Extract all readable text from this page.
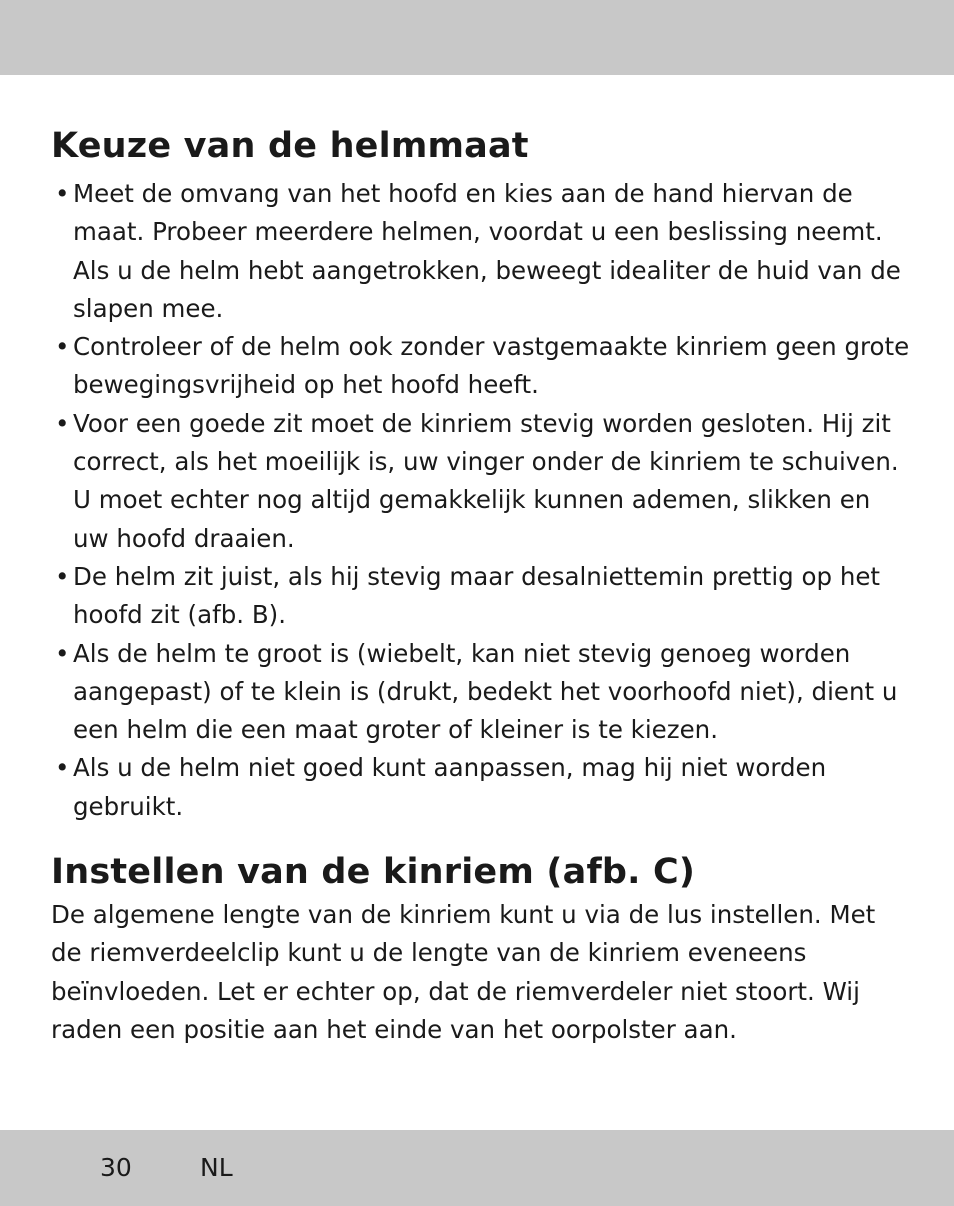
Keuze van de helmmaat
• Meet de omvang van het hoofd en kies aan de hand hiervan de maat. Probeer meerdere helmen, voordat u een beslissing neemt. Als u de helm hebt aangetrokken, beweegt idealiter de huid van de slapen mee.
• Controleer of de helm ook zonder vastgemaakte kinriem geen grote bewegingsvrijheid op het hoofd heeft.
• Voor een goede zit moet de kinriem stevig worden gesloten. Hij zit correct, als het moeilijk is, uw vinger onder de kinriem te schuiven. U moet echter nog altijd gemakkelijk kunnen ademen, slikken en uw hoofd draaien.
• De helm zit juist, als hij stevig maar desalniettemin prettig op het hoofd zit (afb. B).
• Als de helm te groot is (wiebelt, kan niet stevig genoeg worden aangepast) of te klein is (drukt, bedekt het voorhoofd niet), dient u een helm die een maat groter of kleiner is te kiezen.
• Als u de helm niet goed kunt aanpassen, mag hij niet worden gebruikt.
Instellen van de kinriem (afb. C)

De algemene lengte van de kinriem kunt u via de lus instellen. Met de riemverdeelclip kunt u de lengte van de kinriem eveneens beïnvloeden. Let er echter op, dat de riemverdeler niet stoort. Wij raden een positie aan het einde van het oorpolster aan.

30	NL
